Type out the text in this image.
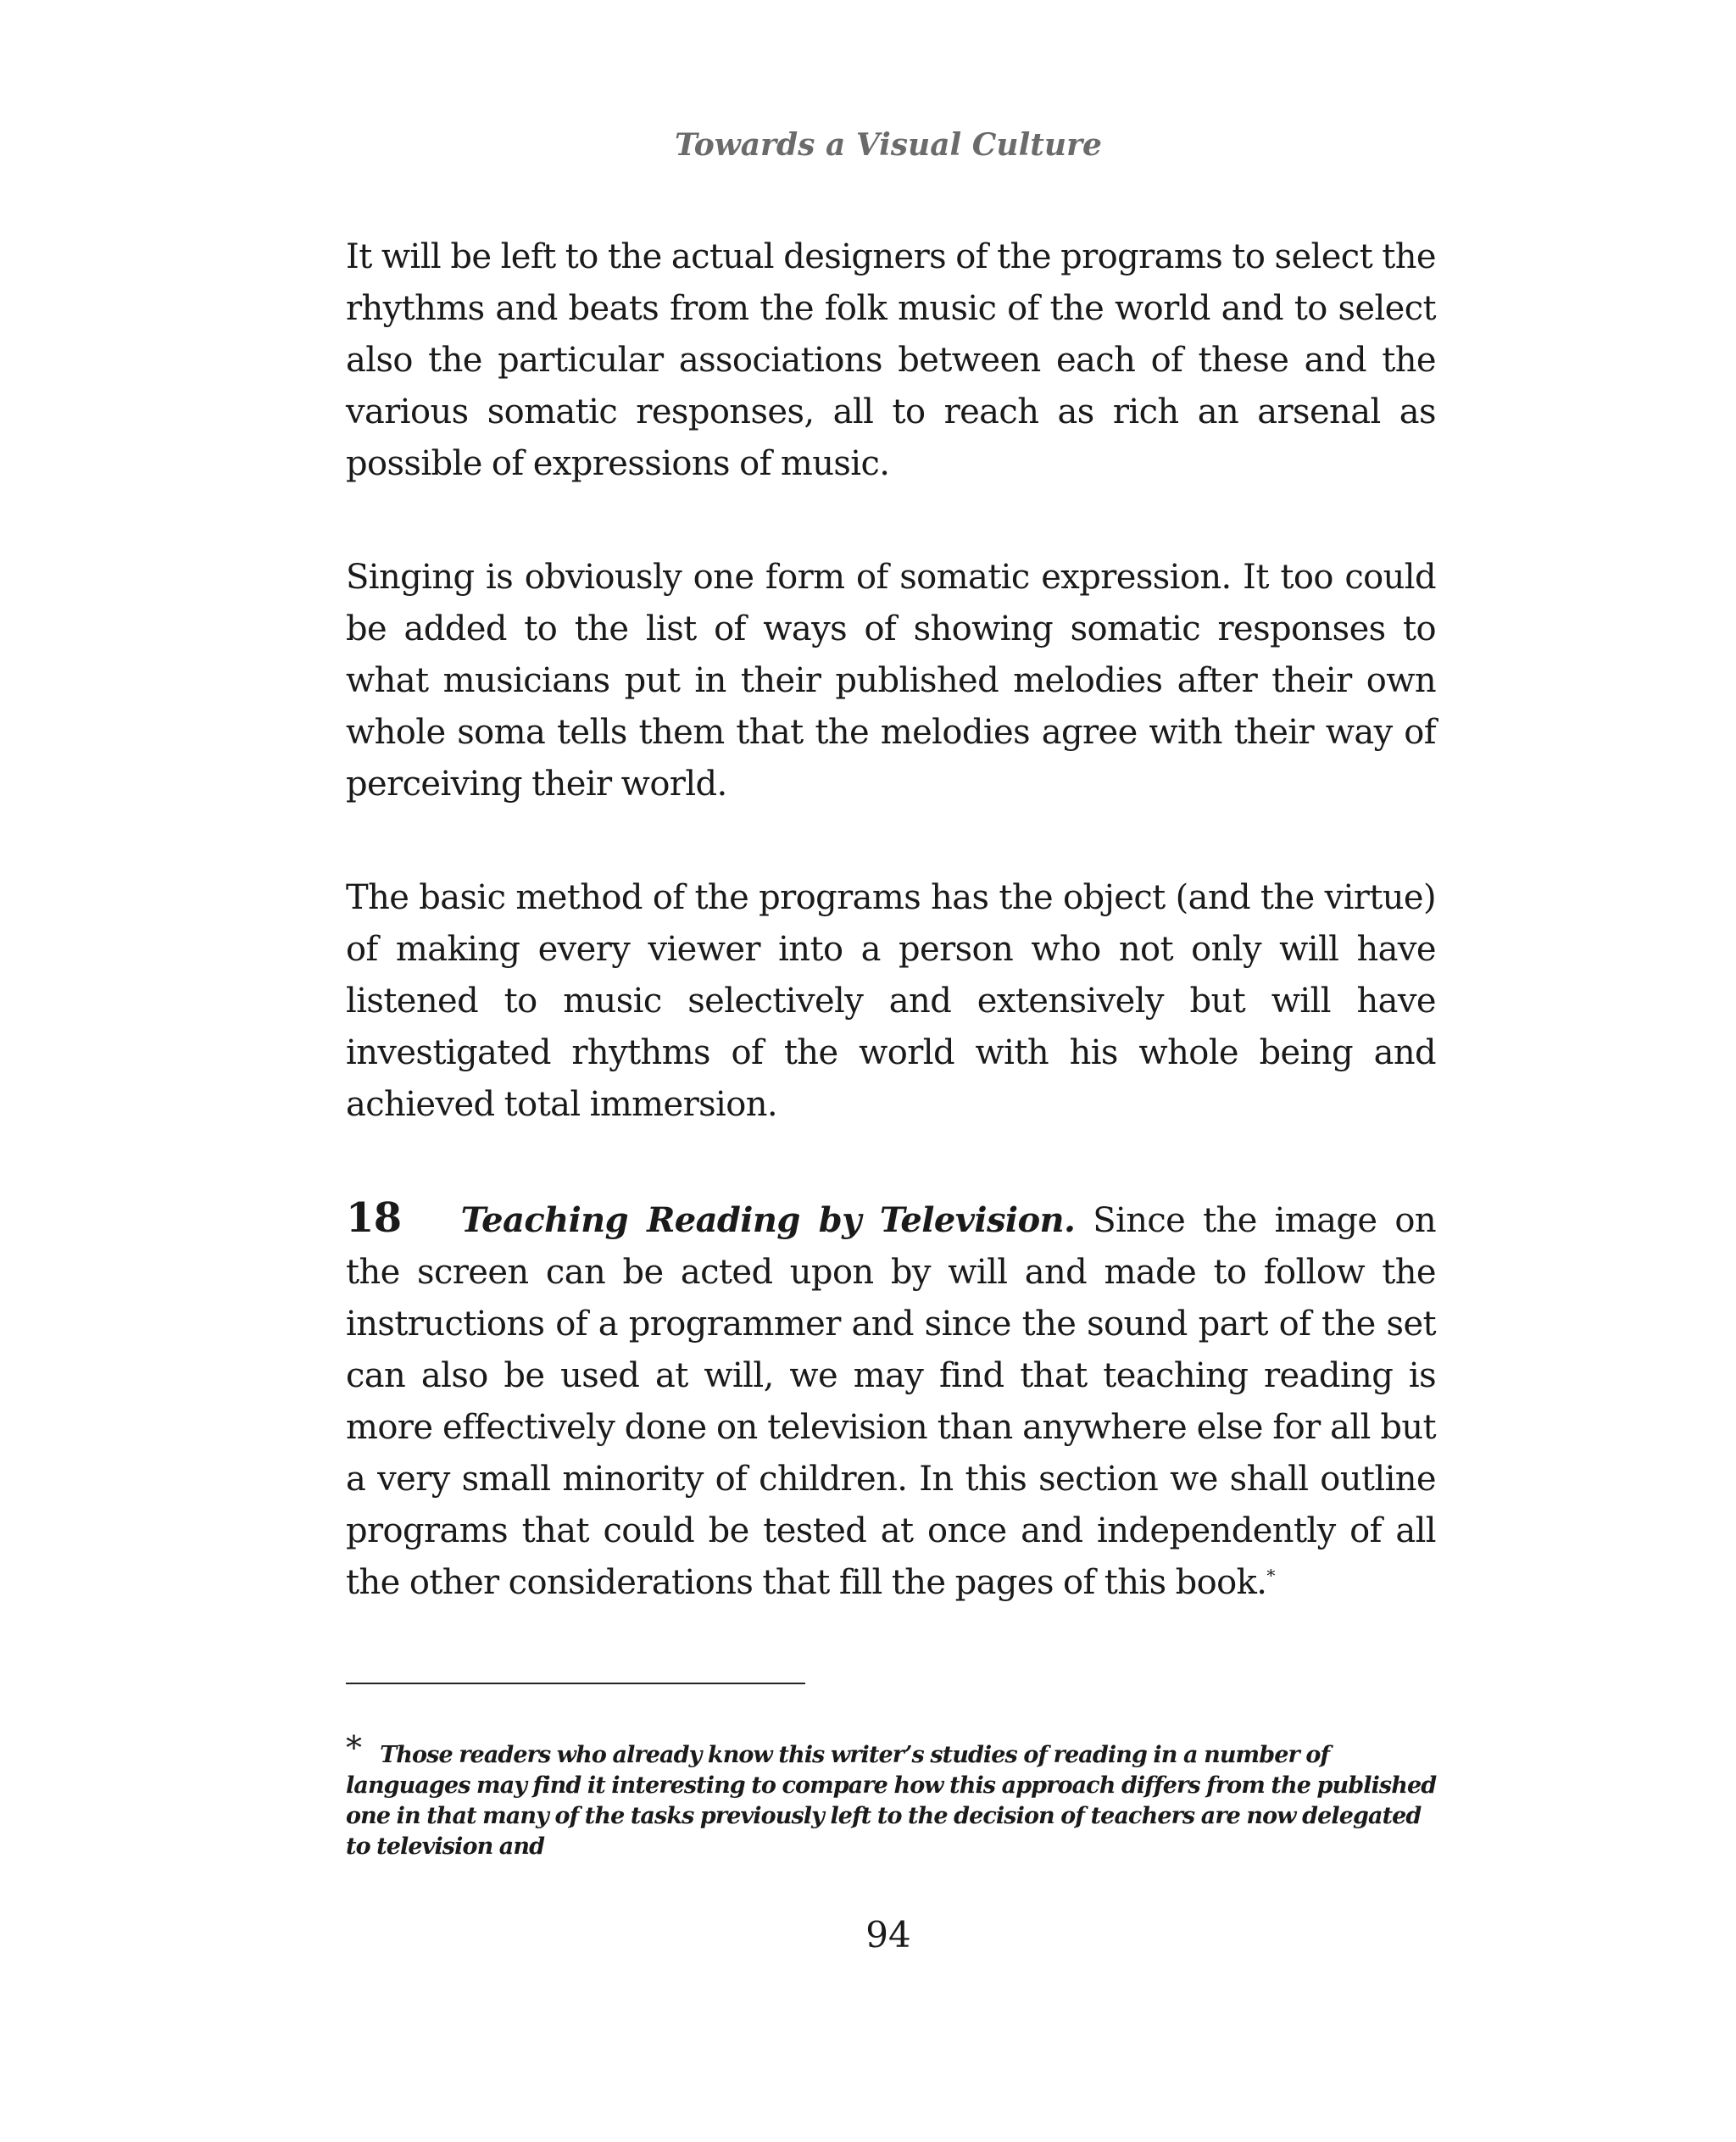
Towards a Visual Culture

It will be left to the actual designers of the programs to select the rhythms and beats from the folk music of the world and to select also the particular associations between each of these and the various somatic responses, all to reach as rich an arsenal as possible of expressions of music.

Singing is obviously one form of somatic expression. It too could be added to the list of ways of showing somatic responses to what musicians put in their published melodies after their own whole soma tells them that the melodies agree with their way of perceiving their world.

The basic method of the programs has the object (and the virtue) of making every viewer into a person who not only will have listened to music selectively and extensively but will have investigated rhythms of the world with his whole being and achieved total immersion.

18 Teaching Reading by Television. Since the image on the screen can be acted upon by will and made to follow the instructions of a programmer and since the sound part of the set can also be used at will, we may find that teaching reading is more effectively done on television than anywhere else for all but a very small minority of children. In this section we shall outline programs that could be tested at once and independently of all the other considerations that fill the pages of this book.*

* Those readers who already know this writer’s studies of reading in a number of languages may find it interesting to compare how this approach differs from the published one in that many of the tasks previously left to the decision of teachers are now delegated to television and
94
